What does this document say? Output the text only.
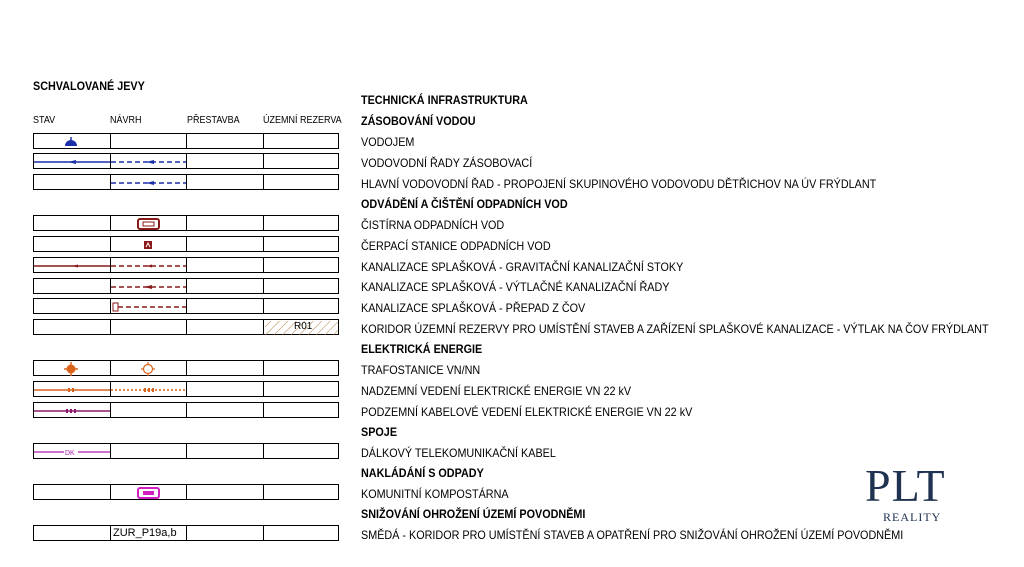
SCHVALOVANÉ JEVY
STAV	NÁVRH	PŘESTAVBA ÚZEMNÍ REZERVA
TECHNICKÁ INFRASTRUKTURA
ZÁSOBOVÁNÍ VODOU
VODOJEM
VODOVODNÍ ŘADY ZÁSOBOVACÍ
HLAVNÍ VODOVODNÍ ŘAD - PROPOJENÍ SKUPINOVÉHO VODOVODU DĚTŘICHOV NA ÚV FRÝDLANT
ODVÁDĚNÍ A ČIŠTĚNÍ ODPADNÍCH VOD
ČISTÍRNA ODPADNÍCH VOD
ČERPACÍ STANICE ODPADNÍCH VOD
KANALIZACE SPLAŠKOVÁ - GRAVITAČNÍ KANALIZAČNÍ STOKY
KANALIZACE SPLAŠKOVÁ - VÝTLAČNÉ KANALIZAČNÍ ŘADY
KANALIZACE SPLAŠKOVÁ - PŘEPAD Z ČOV
KORIDOR ÚZEMNÍ REZERVY PRO UMÍSTĚNÍ STAVEB A ZAŘÍZENÍ SPLAŠKOVÉ KANALIZACE - VÝTLAK NA ČOV FRÝDLANT
ELEKTRICKÁ ENERGIE
TRAFOSTANICE VN/NN
NADZEMNÍ VEDENÍ ELEKTRICKÉ ENERGIE VN 22 kV
PODZEMNÍ KABELOVÉ VEDENÍ ELEKTRICKÉ ENERGIE VN 22 kV
SPOJE
DÁLKOVÝ TELEKOMUNIKAČNÍ KABEL
NAKLÁDÁNÍ S ODPADY
KOMUNITNÍ KOMPOSTÁRNA
SNIŽOVÁNÍ OHROŽENÍ ÚZEMÍ POVODNĚMI
SMĚDÁ - KORIDOR PRO UMÍSTĚNÍ STAVEB A OPATŘENÍ PRO SNIŽOVÁNÍ OHROŽENÍ ÚZEMÍ POVODNĚMI
R01
DK
ZUR_P19a,b
PLT
REALITY
